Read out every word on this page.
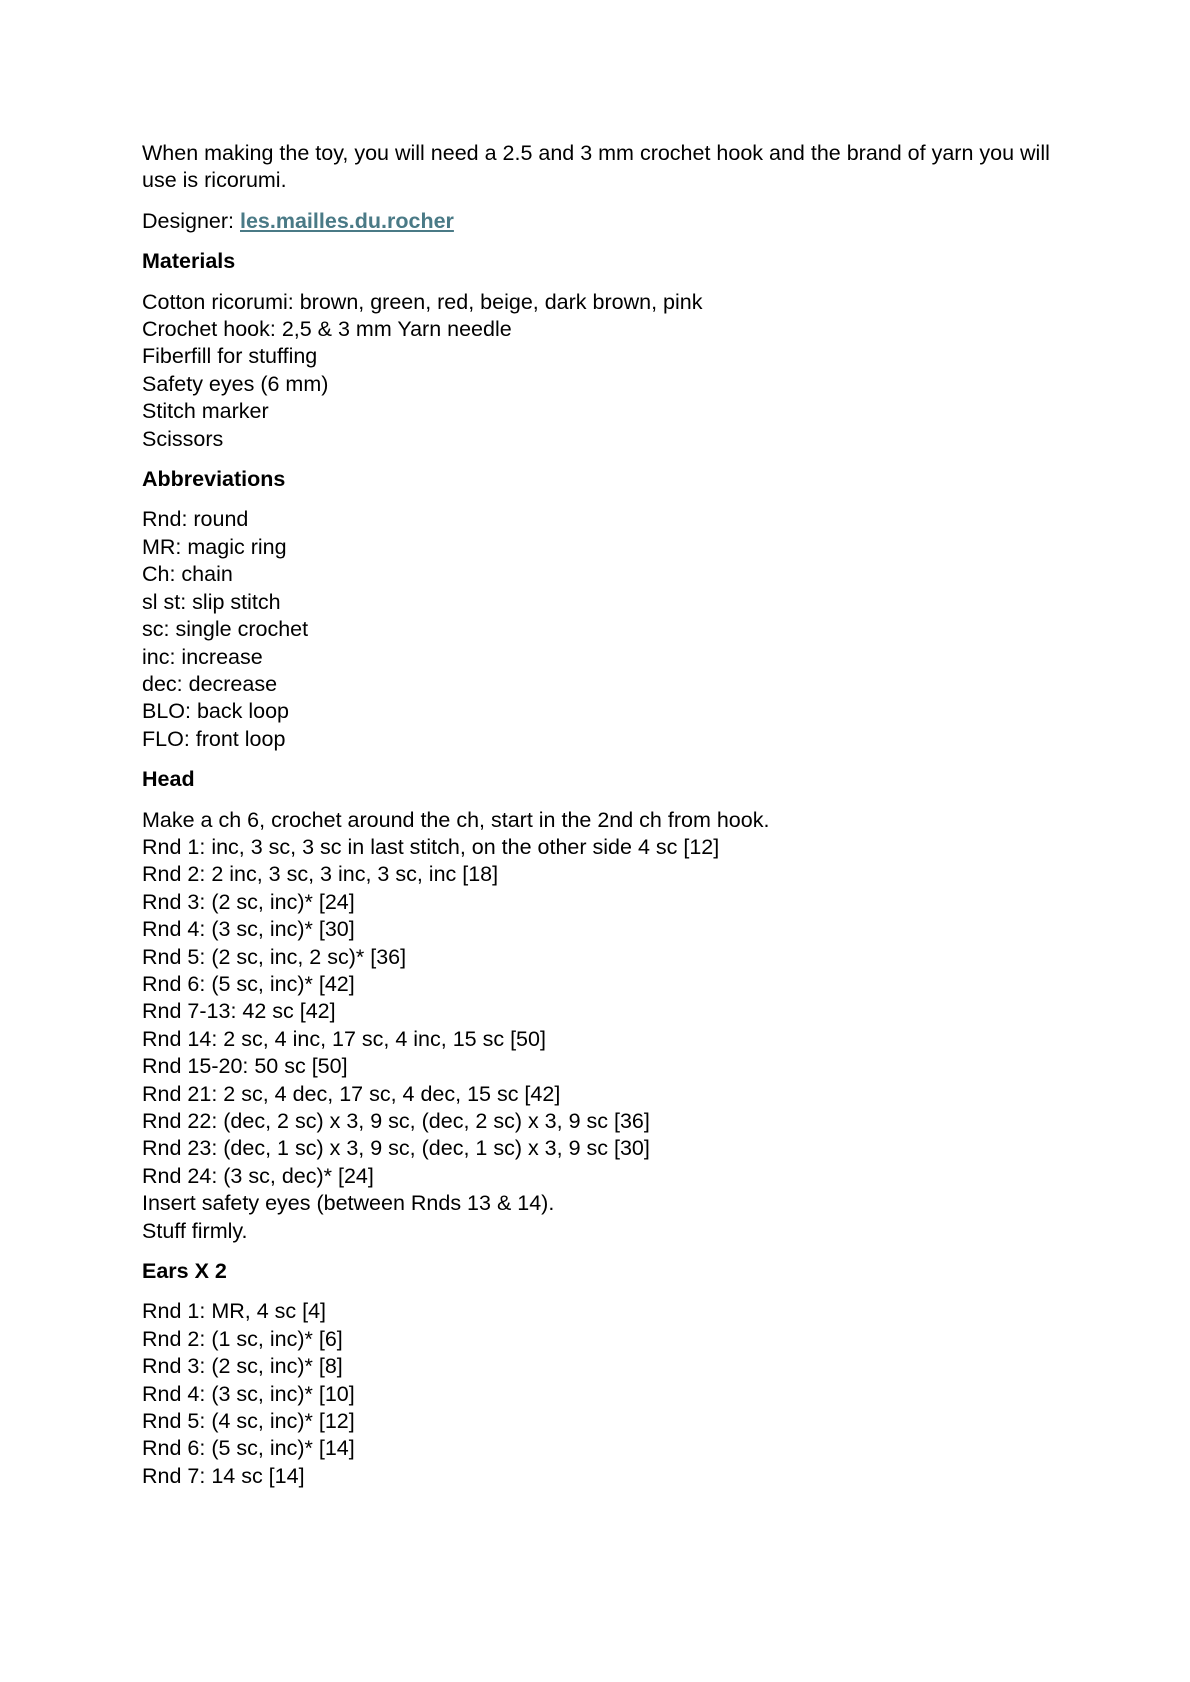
When making the toy, you will need a 2.5 and 3 mm crochet hook and the brand of yarn you will use is ricorumi.

Designer: les.mailles.du.rocher

Materials
Cotton ricorumi: brown, green, red, beige, dark brown, pink
Crochet hook: 2,5 & 3 mm Yarn needle
Fiberfill for stuffing
Safety eyes (6 mm)
Stitch marker
Scissors
Abbreviations
Rnd: round
MR: magic ring
Ch: chain
sl st: slip stitch
sc: single crochet
inc: increase
dec: decrease
BLO: back loop
FLO: front loop
Head
Make a ch 6, crochet around the ch, start in the 2nd ch from hook.
Rnd 1: inc, 3 sc, 3 sc in last stitch, on the other side 4 sc [12]
Rnd 2: 2 inc, 3 sc, 3 inc, 3 sc, inc [18]
Rnd 3: (2 sc, inc)* [24]
Rnd 4: (3 sc, inc)* [30]
Rnd 5: (2 sc, inc, 2 sc)* [36]
Rnd 6: (5 sc, inc)* [42]
Rnd 7-13: 42 sc [42]
Rnd 14: 2 sc, 4 inc, 17 sc, 4 inc, 15 sc [50]
Rnd 15-20: 50 sc [50]
Rnd 21: 2 sc, 4 dec, 17 sc, 4 dec, 15 sc [42]
Rnd 22: (dec, 2 sc) x 3, 9 sc, (dec, 2 sc) x 3, 9 sc [36]
Rnd 23: (dec, 1 sc) x 3, 9 sc, (dec, 1 sc) x 3, 9 sc [30]
Rnd 24: (3 sc, dec)* [24]
Insert safety eyes (between Rnds 13 & 14).
Stuff firmly.
Ears X 2
Rnd 1: MR, 4 sc [4]
Rnd 2: (1 sc, inc)* [6]
Rnd 3: (2 sc, inc)* [8]
Rnd 4: (3 sc, inc)* [10]
Rnd 5: (4 sc, inc)* [12]
Rnd 6: (5 sc, inc)* [14]
Rnd 7: 14 sc [14]
